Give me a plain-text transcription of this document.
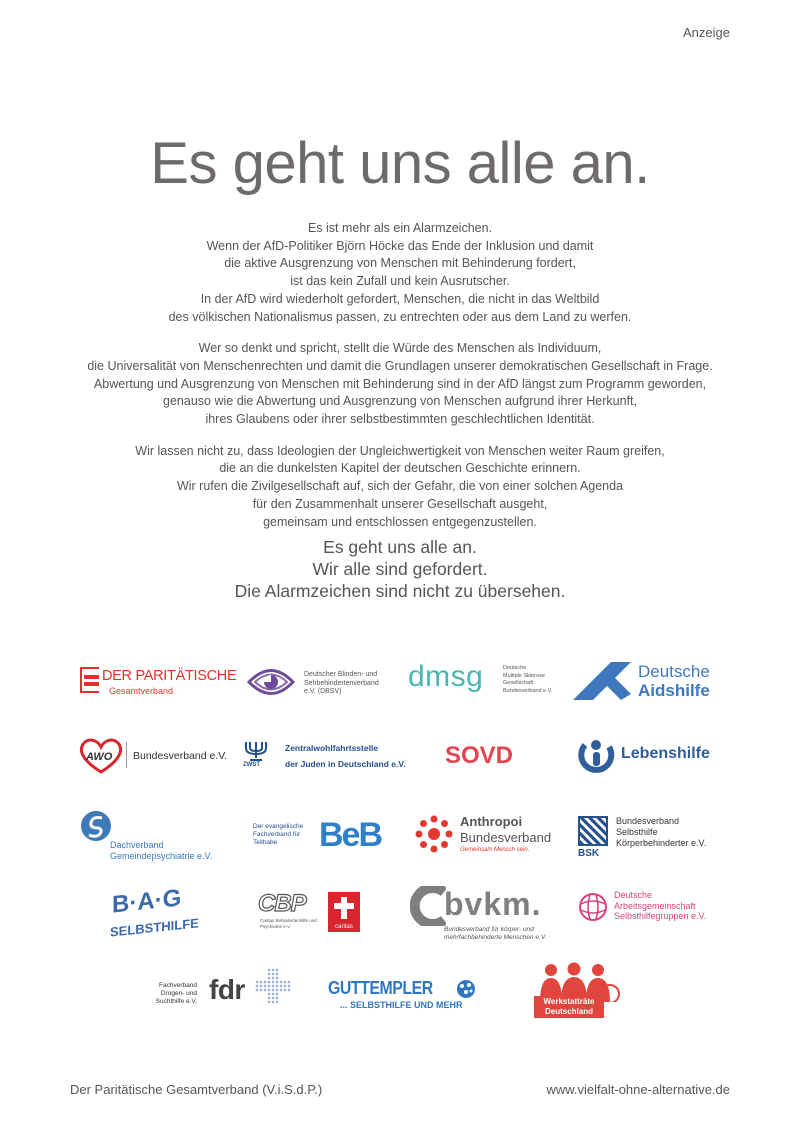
Anzeige
Es geht uns alle an.

Es ist mehr als ein Alarmzeichen.
Wenn der AfD-Politiker Björn Höcke das Ende der Inklusion und damit
die aktive Ausgrenzung von Menschen mit Behinderung fordert,
ist das kein Zufall und kein Ausrutscher.
In der AfD wird wiederholt gefordert, Menschen, die nicht in das Weltbild
des völkischen Nationalismus passen, zu entrechten oder aus dem Land zu werfen.

Wer so denkt und spricht, stellt die Würde des Menschen als Individuum,
die Universalität von Menschenrechten und damit die Grundlagen unserer demokratischen Gesellschaft in Frage.
Abwertung und Ausgrenzung von Menschen mit Behinderung sind in der AfD längst zum Programm geworden,
genauso wie die Abwertung und Ausgrenzung von Menschen aufgrund ihrer Herkunft,
ihres Glaubens oder ihrer selbstbestimmten geschlechtlichen Identität.

Wir lassen nicht zu, dass Ideologien der Ungleichwertigkeit von Menschen weiter Raum greifen,
die an die dunkelsten Kapitel der deutschen Geschichte erinnern.
Wir rufen die Zivilgesellschaft auf, sich der Gefahr, die von einer solchen Agenda
für den Zusammenhalt unserer Gesellschaft ausgeht,
gemeinsam und entschlossen entgegenzustellen.

Es geht uns alle an.
Wir alle sind gefordert.
Die Alarmzeichen sind nicht zu übersehen.
DER PARITÄTISCHE
Gesamtverband
Deutscher Blinden- und
Sehbehindertenverband
e.V. (DBSV)	dmsg	Deutsche
Multiple Sklerose
Gesellschaft
Bundesverband e.V.
Deutsche
Aidshilfe
AWO Bundesverband e.V.
ZWST
Zentralwohlfahrtsstelle
der Juden in Deutschland e.V. SOVD	Lebenshilfe
Dachverband
Gemeindepsychiatrie e.V.
Der evangelische
Fachverband für
Teilhabe	BeB	Anthropoi
Bundesverband
Gemeinsam Mensch sein.	BSK
Bundesverband
Selbsthilfe
Körperbehinderter e.V.
B·A·G
SELBSTHILFE
CBP
Caritas Behindertenhilfe und Psychiatrie e.V.	caritas
bvkm.
Bundesverband für körper- und
mehrfachbehinderte Menschen e.V.
Deutsche
Arbeitsgemeinschaft
Selbsthilfegruppen e.V.
Fachverband
Drogen- und
Suchthilfe e.V. fdr	GUTTEMPLER
... SELBSTHILFE UND MEHR	Werkstatträte
Deutschland
Der Paritätische Gesamtverband (V.i.S.d.P.)	www.vielfalt-ohne-alternative.de
